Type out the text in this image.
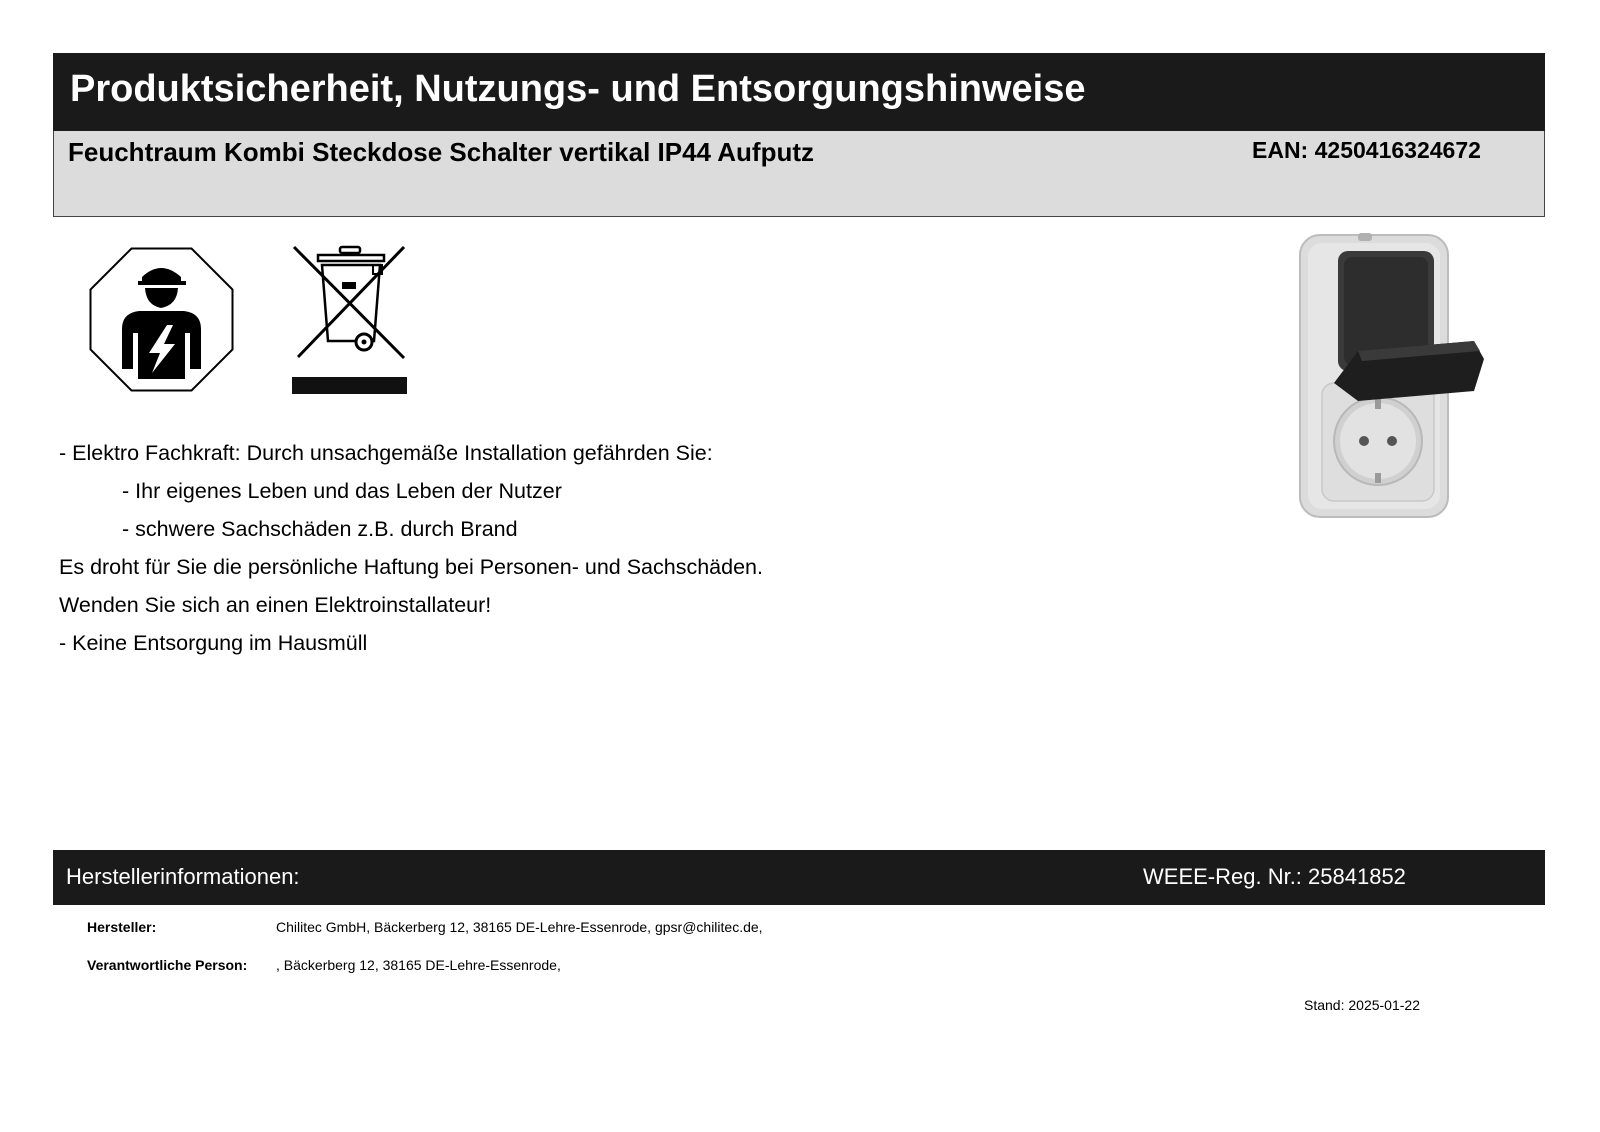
Produktsicherheit, Nutzungs- und Entsorgungshinweise
Feuchtraum Kombi Steckdose Schalter vertikal IP44 Aufputz	EAN: 4250416324672
- Elektro Fachkraft: Durch unsachgemäße Installation gefährden Sie:
- Ihr eigenes Leben und das Leben der Nutzer
- schwere Sachschäden z.B. durch Brand
Es droht für Sie die persönliche Haftung bei Personen- und Sachschäden.
Wenden Sie sich an einen Elektroinstallateur!
- Keine Entsorgung im Hausmüll
Herstellerinformationen:	WEEE-Reg. Nr.: 25841852
Hersteller:	Chilitec GmbH, Bäckerberg 12, 38165 DE-Lehre-Essenrode, gpsr@chilitec.de,
Verantwortliche Person: , Bäckerberg 12, 38165 DE-Lehre-Essenrode,
Stand: 2025-01-22
